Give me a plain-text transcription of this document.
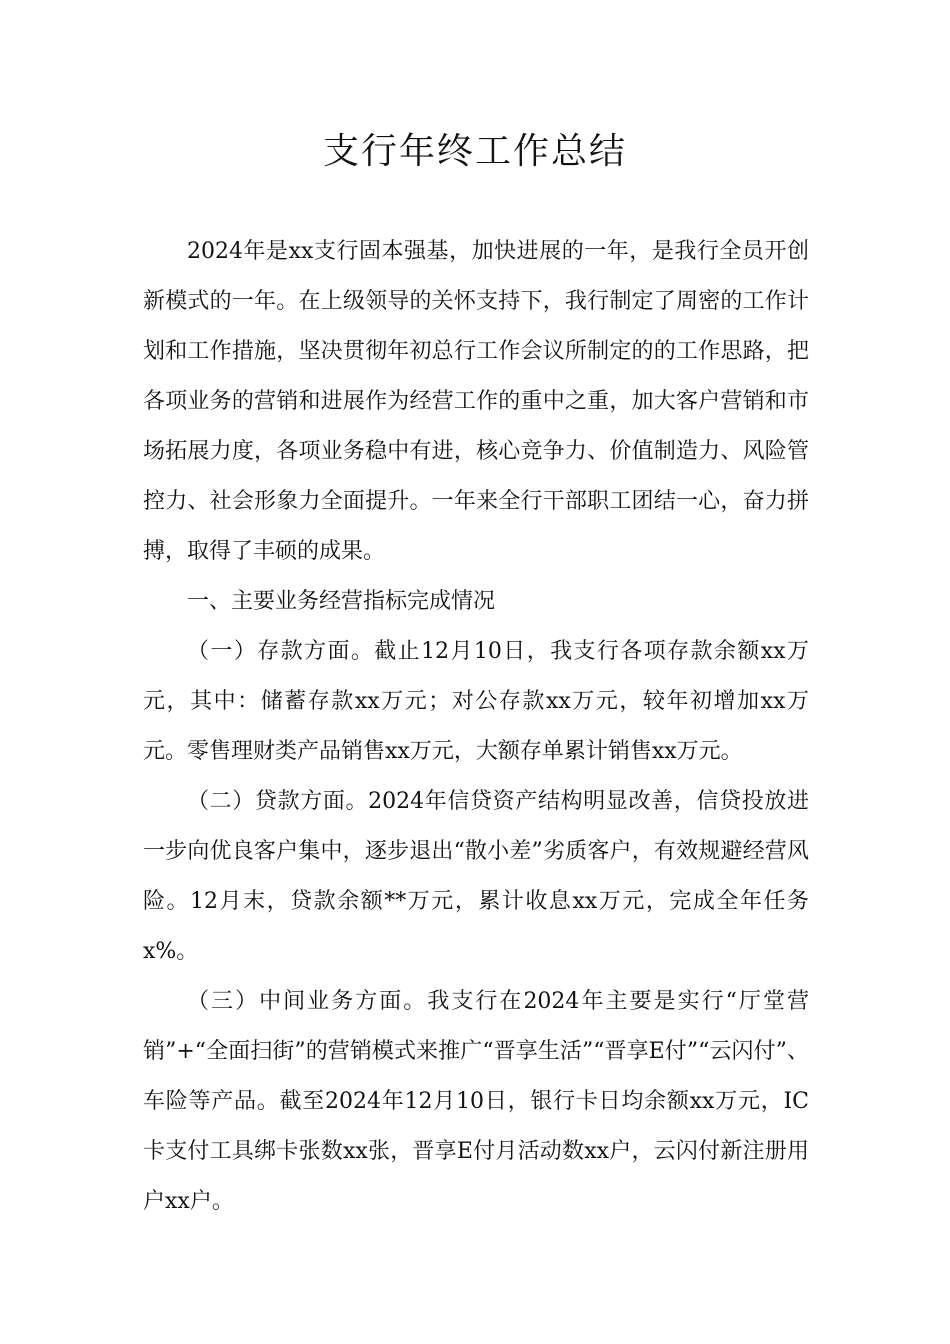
支行年终工作总结

2024年是xx支行固本强基，加快进展的一年，是我行全员开创新模式的一年。在上级领导的关怀支持下，我行制定了周密的工作计划和工作措施，坚决贯彻年初总行工作会议所制定的的工作思路，把各项业务的营销和进展作为经营工作的重中之重，加大客户营销和市场拓展力度，各项业务稳中有进，核心竞争力、价值制造力、风险管控力、社会形象力全面提升。一年来全行干部职工团结一心，奋力拼搏，取得了丰硕的成果。

一、主要业务经营指标完成情况

（一）存款方面。截止12月10日，我支行各项存款余额xx万元，其中：储蓄存款xx万元；对公存款xx万元，较年初增加xx万元。零售理财类产品销售xx万元，大额存单累计销售xx万元。

（二）贷款方面。2024年信贷资产结构明显改善，信贷投放进一步向优良客户集中，逐步退出“散小差”劣质客户，有效规避经营风险。12月末，贷款余额**万元，累计收息xx万元，完成全年任务x%。

（三）中间业务方面。我支行在2024年主要是实行“厅堂营销”+“全面扫街”的营销模式来推广“晋享生活”“晋享E付”“云闪付”、车险等产品。截至2024年12月10日，银行卡日均余额xx万元，IC卡支付工具绑卡张数xx张，晋享E付月活动数xx户，云闪付新注册用户xx户。
